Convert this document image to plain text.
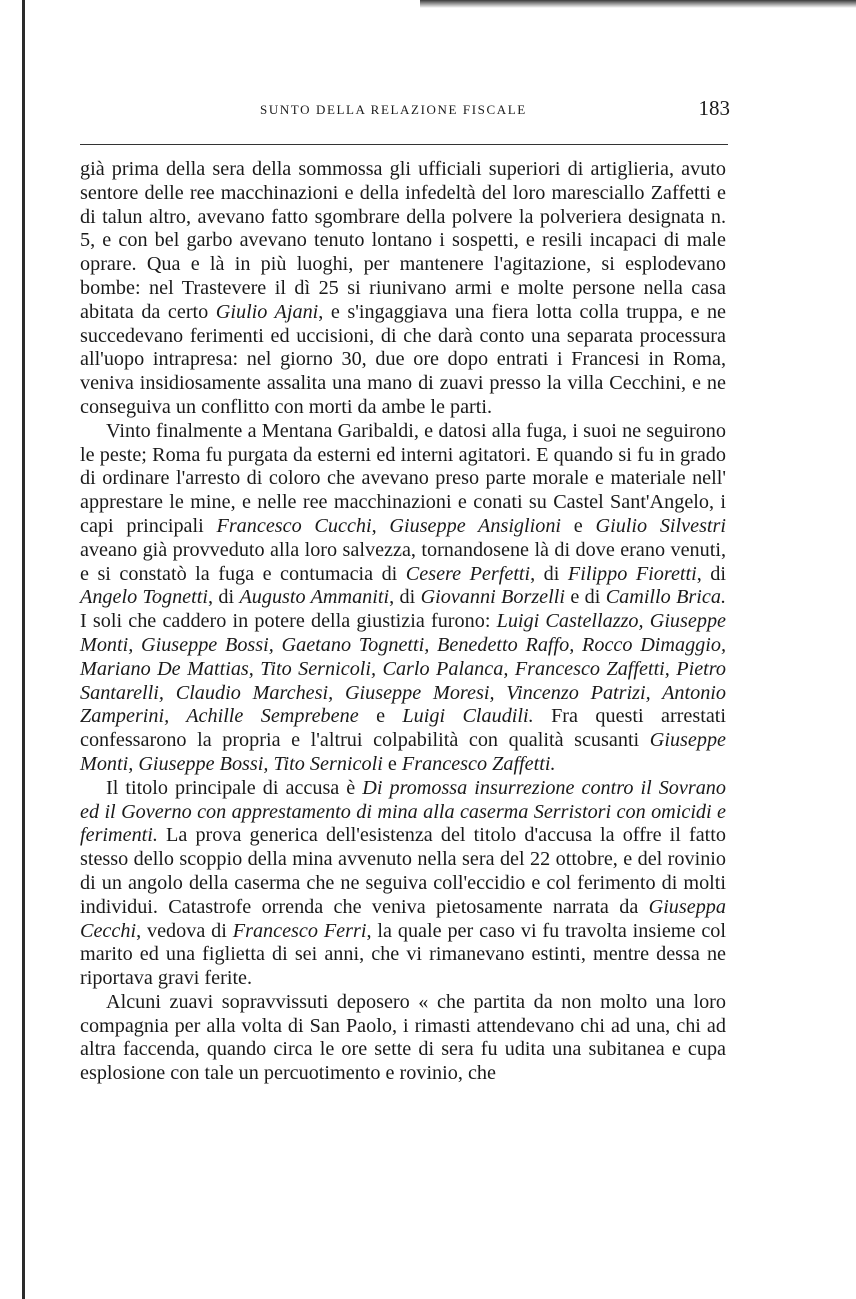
SUNTO DELLA RELAZIONE FISCALE	183

già prima della sera della sommossa gli ufficiali superiori di artiglieria, avuto sentore delle ree macchinazioni e della infedeltà del loro maresciallo Zaffetti e di talun altro, avevano fatto sgombrare della polvere la polveriera designata n. 5, e con bel garbo avevano tenuto lontano i sospetti, e resili incapaci di male oprare. Qua e là in più luoghi, per mantenere l'agitazione, si esplodevano bombe: nel Trastevere il dì 25 si riunivano armi e molte persone nella casa abitata da certo Giulio Ajani, e s'ingaggiava una fiera lotta colla truppa, e ne succedevano ferimenti ed uccisioni, di che darà conto una separata processura all'uopo intrapresa: nel giorno 30, due ore dopo entrati i Francesi in Roma, veniva insidiosamente assalita una mano di zuavi presso la villa Cecchini, e ne conseguiva un conflitto con morti da ambe le parti.

Vinto finalmente a Mentana Garibaldi, e datosi alla fuga, i suoi ne seguirono le peste; Roma fu purgata da esterni ed interni agitatori. E quando si fu in grado di ordinare l'arresto di coloro che avevano preso parte morale e materiale nell' apprestare le mine, e nelle ree macchinazioni e conati su Castel Sant'Angelo, i capi principali Francesco Cucchi, Giuseppe Ansiglioni e Giulio Silvestri aveano già provveduto alla loro salvezza, tornandosene là di dove erano venuti, e si constatò la fuga e contumacia di Cesere Perfetti, di Filippo Fioretti, di Angelo Tognetti, di Augusto Ammaniti, di Giovanni Borzelli e di Camillo Brica. I soli che caddero in potere della giustizia furono: Luigi Castellazzo, Giuseppe Monti, Giuseppe Bossi, Gaetano Tognetti, Benedetto Raffo, Rocco Dimaggio, Mariano De Mattias, Tito Sernicoli, Carlo Palanca, Francesco Zaffetti, Pietro Santarelli, Claudio Marchesi, Giuseppe Moresi, Vincenzo Patrizi, Antonio Zamperini, Achille Semprebene e Luigi Claudili. Fra questi arrestati confessarono la propria e l'altrui colpabilità con qualità scusanti Giuseppe Monti, Giuseppe Bossi, Tito Sernicoli e Francesco Zaffetti.

Il titolo principale di accusa è Di promossa insurrezione contro il Sovrano ed il Governo con apprestamento di mina alla caserma Serristori con omicidi e ferimenti. La prova generica dell'esistenza del titolo d'accusa la offre il fatto stesso dello scoppio della mina avvenuto nella sera del 22 ottobre, e del rovinio di un angolo della caserma che ne seguiva coll'eccidio e col ferimento di molti individui. Catastrofe orrenda che veniva pietosamente narrata da Giuseppa Cecchi, vedova di Francesco Ferri, la quale per caso vi fu travolta insieme col marito ed una figlietta di sei anni, che vi rimanevano estinti, mentre dessa ne riportava gravi ferite.

Alcuni zuavi sopravvissuti deposero « che partita da non molto una loro compagnia per alla volta di San Paolo, i rimasti attendevano chi ad una, chi ad altra faccenda, quando circa le ore sette di sera fu udita una subitanea e cupa esplosione con tale un percuotimento e rovinio, che
